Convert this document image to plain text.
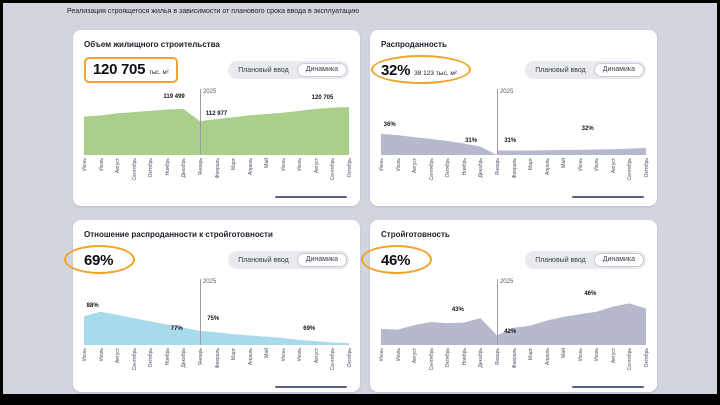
Реализация строящегося жилья в зависимости от планового срока ввода в эксплуатацию
Объем жилищного строительства
120 705 тыс. м²	Плановый ввод	Динамика
2025
119 499
112 977
120 705
Июнь Июль Август Сентябрь Октябрь Ноябрь Декабрь Январь Февраль Март Апрель Май Июнь Июль Август Сентябрь Октябрь
Распроданность
32% 38 123 тыс. м²	Плановый ввод	Динамика
2025
36%
31%	31%
32%
Июнь Июль Август Сентябрь Октябрь Ноябрь Декабрь Январь Февраль Март Апрель Май Июнь Июль Август Сентябрь Октябрь
Отношение распроданности к стройготовности
69%	Плановый ввод	Динамика
2025
88%
77%
75%
69%
Июнь Июль Август Сентябрь Октябрь Ноябрь Декабрь Январь Февраль Март Апрель Май Июнь Июль Август Сентябрь Октябрь
Стройготовность
46%	Плановый ввод	Динамика
2025
43%
42%
46%
Июнь Июль Август Сентябрь Октябрь Ноябрь Декабрь Январь Февраль Март Апрель Май Июнь Июль Август Сентябрь Октябрь
